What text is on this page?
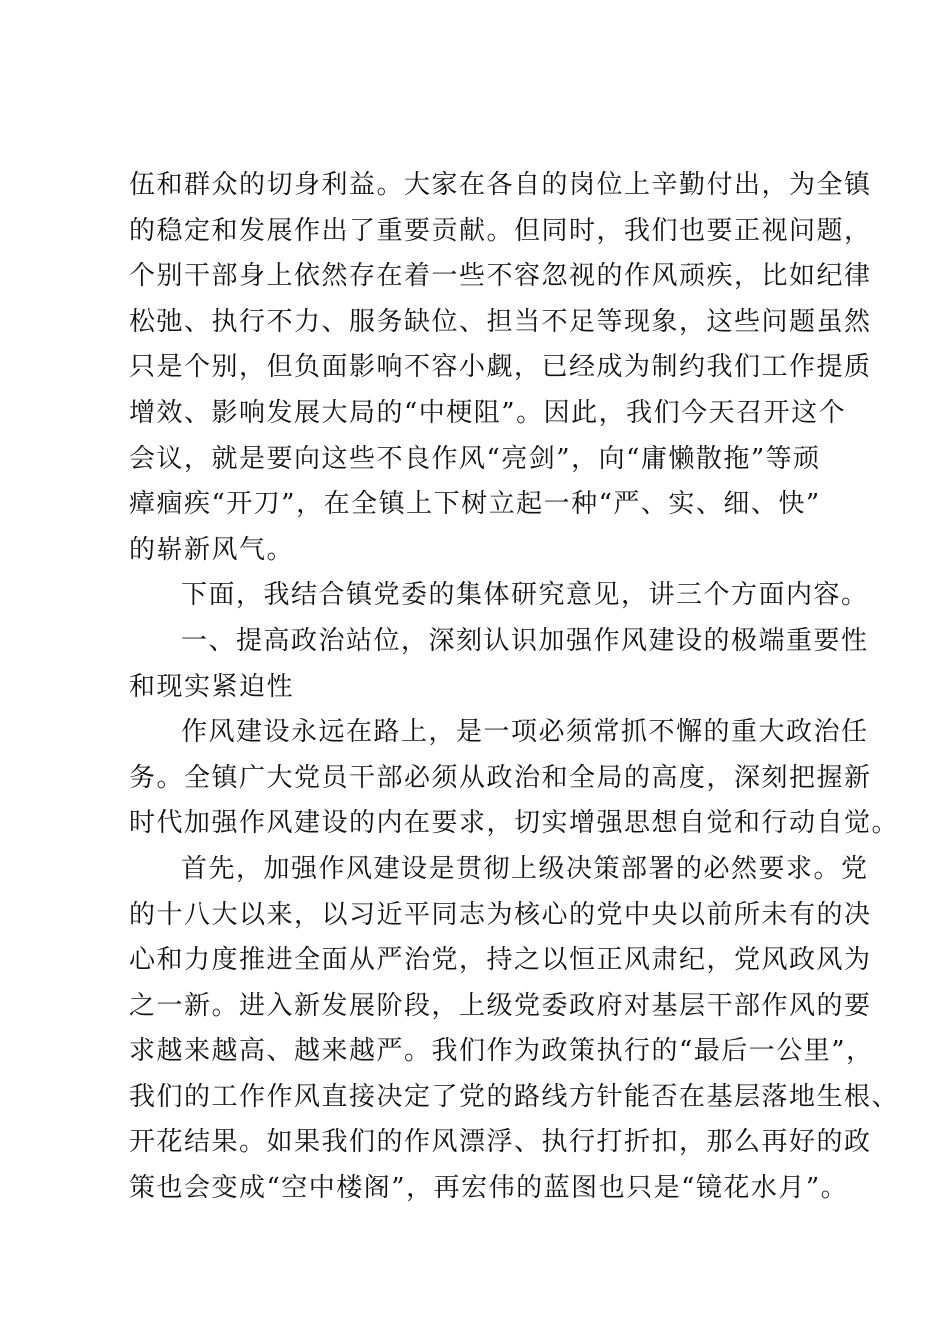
伍和群众的切身利益。大家在各自的岗位上辛勤付出，为全镇
的稳定和发展作出了重要贡献。但同时，我们也要正视问题，
个别干部身上依然存在着一些不容忽视的作风顽疾，比如纪律
松弛、执行不力、服务缺位、担当不足等现象，这些问题虽然
只是个别，但负面影响不容小觑，已经成为制约我们工作提质
增效、影响发展大局的“中梗阻”。因此，我们今天召开这个
会议，就是要向这些不良作风“亮剑”，向“庸懒散拖”等顽
瘴痼疾“开刀”，在全镇上下树立起一种“严、实、细、快”
的崭新风气。
下面，我结合镇党委的集体研究意见，讲三个方面内容。
一、提高政治站位，深刻认识加强作风建设的极端重要性
和现实紧迫性
作风建设永远在路上，是一项必须常抓不懈的重大政治任
务。全镇广大党员干部必须从政治和全局的高度，深刻把握新
时代加强作风建设的内在要求，切实增强思想自觉和行动自觉。
首先，加强作风建设是贯彻上级决策部署的必然要求。党
的十八大以来，以习近平同志为核心的党中央以前所未有的决
心和力度推进全面从严治党，持之以恒正风肃纪，党风政风为
之一新。进入新发展阶段，上级党委政府对基层干部作风的要
求越来越高、越来越严。我们作为政策执行的“最后一公里”，
我们的工作作风直接决定了党的路线方针能否在基层落地生根、
开花结果。如果我们的作风漂浮、执行打折扣，那么再好的政
策也会变成“空中楼阁”，再宏伟的蓝图也只是“镜花水月”。
